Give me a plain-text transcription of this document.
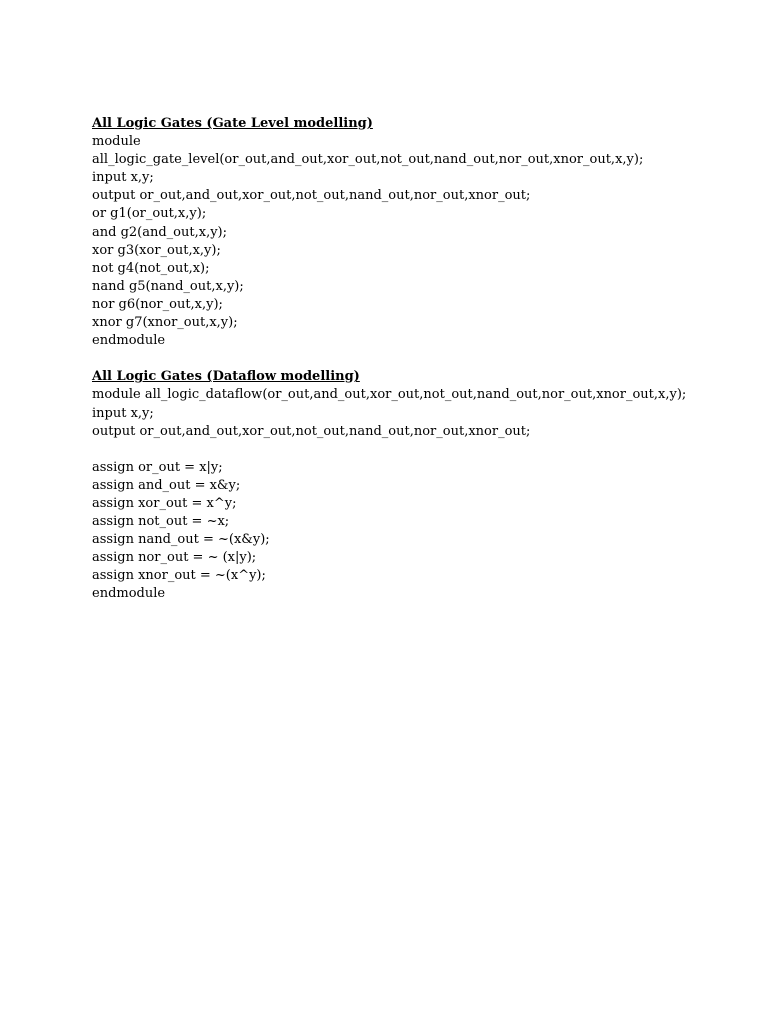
All Logic Gates (Gate Level modelling)
module
all_logic_gate_level(or_out,and_out,xor_out,not_out,nand_out,nor_out,xnor_out,x,y);
input x,y;
output or_out,and_out,xor_out,not_out,nand_out,nor_out,xnor_out;
or g1(or_out,x,y);
and g2(and_out,x,y);
xor g3(xor_out,x,y);
not g4(not_out,x);
nand g5(nand_out,x,y);
nor g6(nor_out,x,y);
xnor g7(xnor_out,x,y);
endmodule
All Logic Gates (Dataflow modelling)
module all_logic_dataflow(or_out,and_out,xor_out,not_out,nand_out,nor_out,xnor_out,x,y);
input x,y;
output or_out,and_out,xor_out,not_out,nand_out,nor_out,xnor_out;
assign or_out = x|y;
assign and_out = x&y;
assign xor_out = x^y;
assign not_out = ~x;
assign nand_out = ~(x&y);
assign nor_out = ~ (x|y);
assign xnor_out = ~(x^y);
endmodule
